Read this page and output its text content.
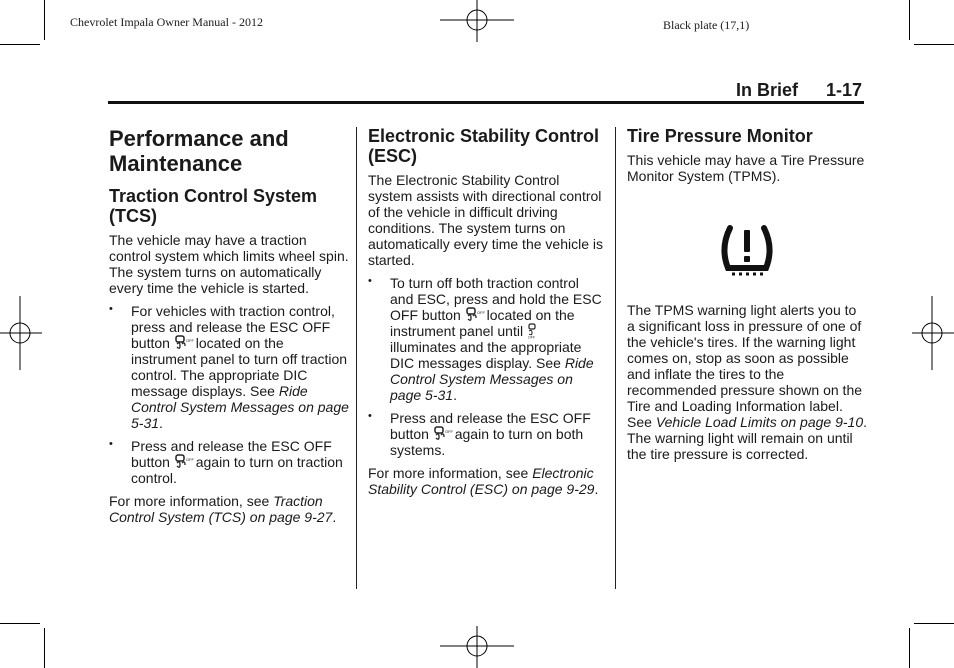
Chevrolet Impala Owner Manual - 2012	Black plate (17,1)
In Brief 1-17
Performance and Maintenance
Traction Control System (TCS)

The vehicle may have a traction control system which limits wheel spin. The system turns on automatically every time the vehicle is started.

• For vehicles with traction control, press and release the ESC OFF button	OFF located on the instrument panel to turn off traction control. The appropriate DIC message displays. See Ride Control System Messages on page 5-31.
• Press and release the ESC OFF button	OFF again to turn on traction control.

For more information, see Traction Control System (TCS) on page 9-27.

Electronic Stability Control (ESC)

The Electronic Stability Control system assists with directional control of the vehicle in difficult driving conditions. The system turns on automatically every time the vehicle is started.

• To turn off both traction control and ESC, press and hold the ESC OFF button	OFF located on the instrument panel until OFF
illuminates and the appropriate DIC messages display. See Ride Control System Messages on page 5-31.
• Press and release the ESC OFF button	OFF again to turn on both systems.

For more information, see Electronic Stability Control (ESC) on page 9-29.

Tire Pressure Monitor

This vehicle may have a Tire Pressure Monitor System (TPMS).

The TPMS warning light alerts you to a significant loss in pressure of one of the vehicle's tires. If the warning light comes on, stop as soon as possible and inflate the tires to the recommended pressure shown on the Tire and Loading Information label. See Vehicle Load Limits on page 9-10. The warning light will remain on until the tire pressure is corrected.
